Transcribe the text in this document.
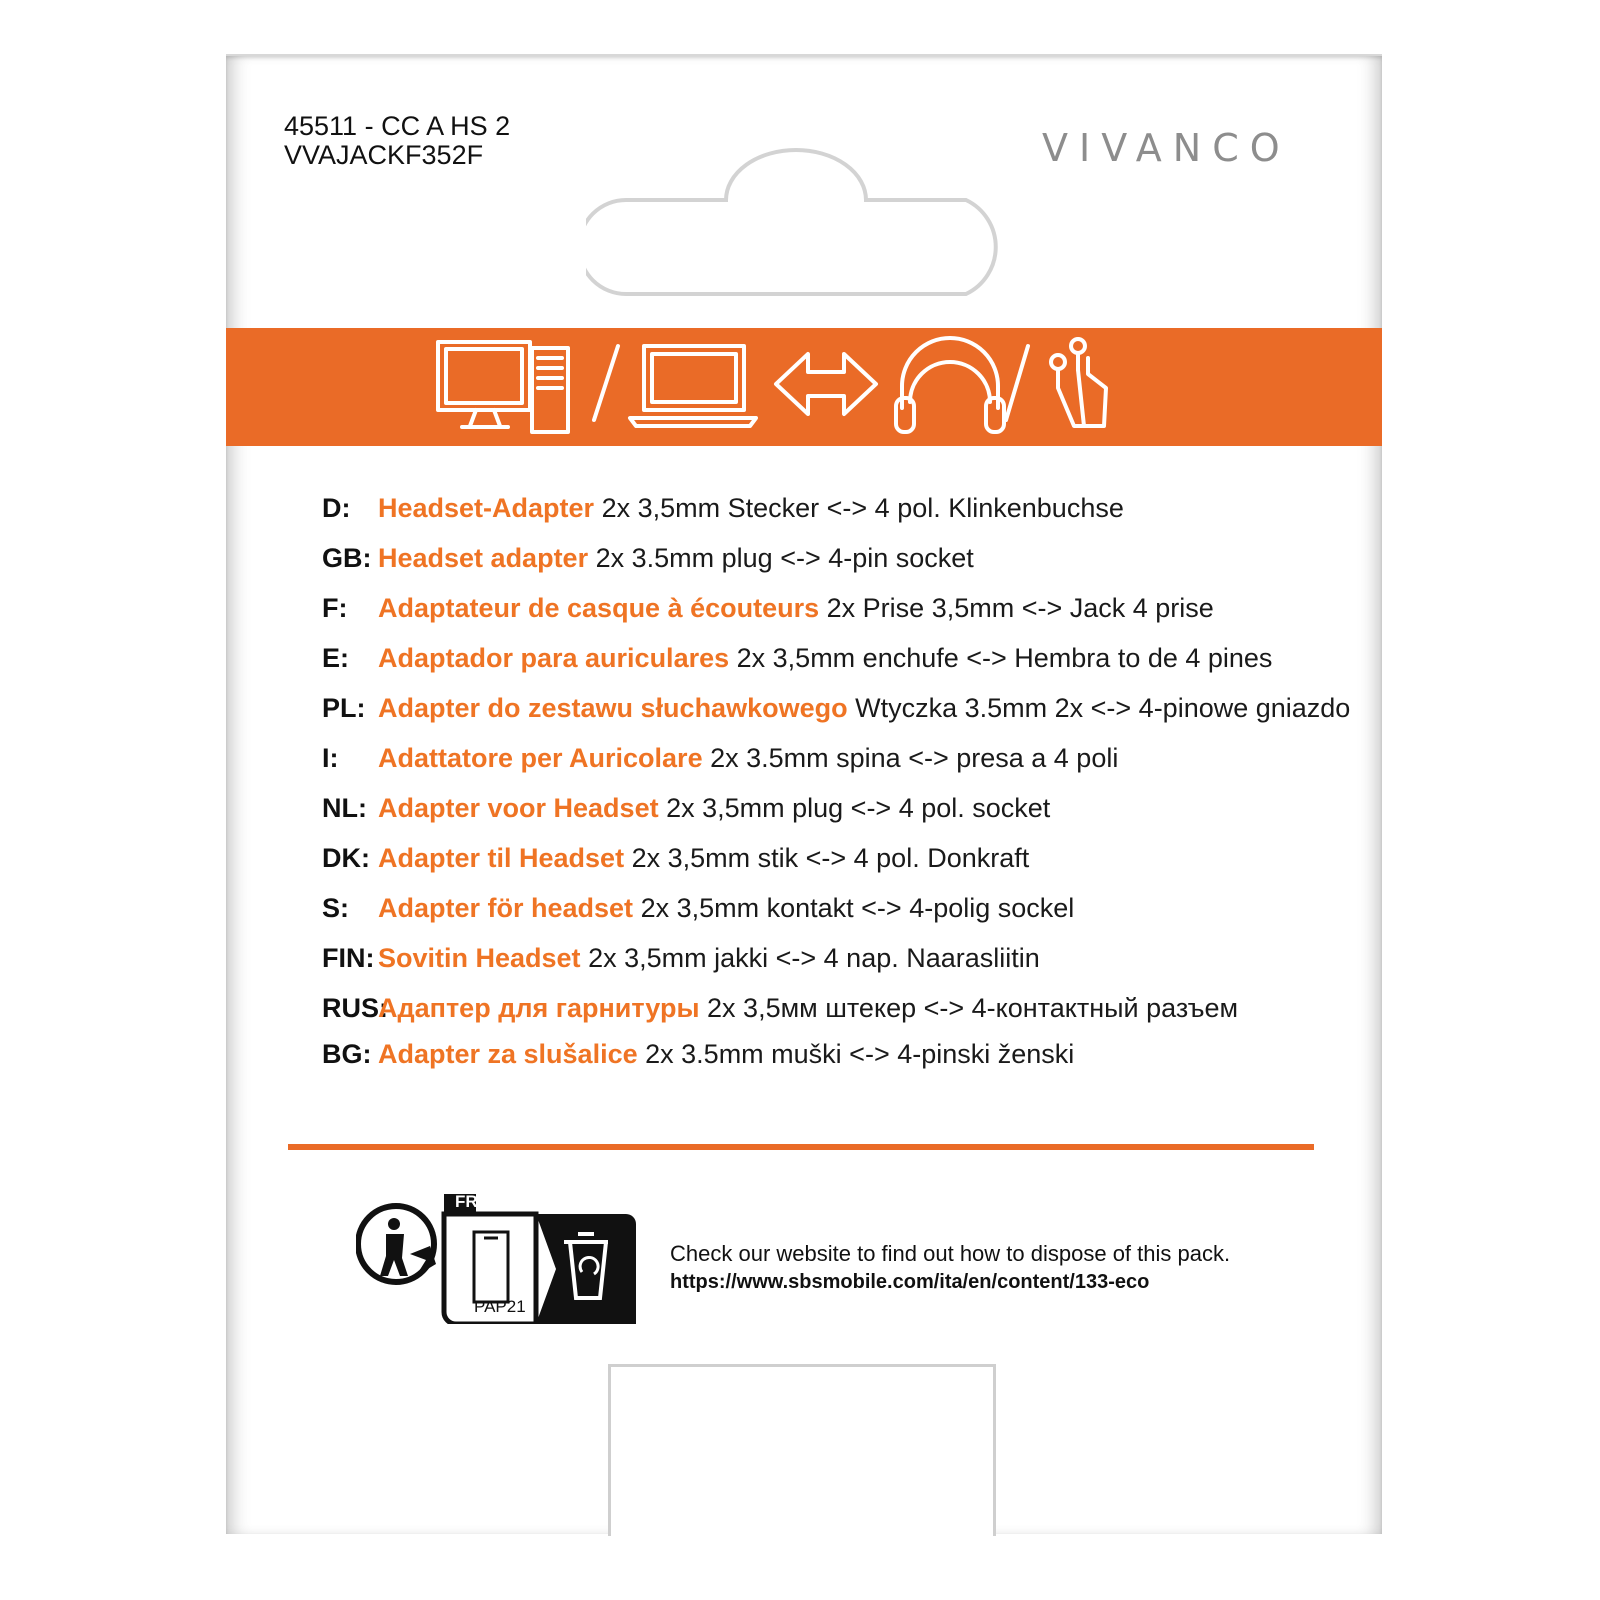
45511 - CC A HS 2
VVAJACKF352F	VIVANCO
D: Headset-Adapter 2x 3,5mm Stecker <-> 4 pol. Klinkenbuchse
GB: Headset adapter 2x 3.5mm plug <-> 4-pin socket
F: Adaptateur de casque à écouteurs 2x Prise 3,5mm <-> Jack 4 prise
E: Adaptador para auriculares 2x 3,5mm enchufe <-> Hembra to de 4 pines
PL: Adapter do zestawu słuchawkowego Wtyczka 3.5mm 2x <-> 4-pinowe gniazdo
I: Adattatore per Auricolare 2x 3.5mm spina <-> presa a 4 poli
NL: Adapter voor Headset 2x 3,5mm plug <-> 4 pol. socket
DK: Adapter til Headset 2x 3,5mm stik <-> 4 pol. Donkraft
S: Adapter för headset 2x 3,5mm kontakt <-> 4-polig sockel
FIN: Sovitin Headset 2x 3,5mm jakki <-> 4 nap. Naarasliitin
RUS:
Адаптер для гарнитуры 2x 3,5мм штекер <-> 4-контактный разъем
BG: Adapter za slušalice 2x 3.5mm muški <-> 4-pinski ženski
FR
PAP21
Check our website to find out how to dispose of this pack.
https://www.sbsmobile.com/ita/en/content/133-eco
